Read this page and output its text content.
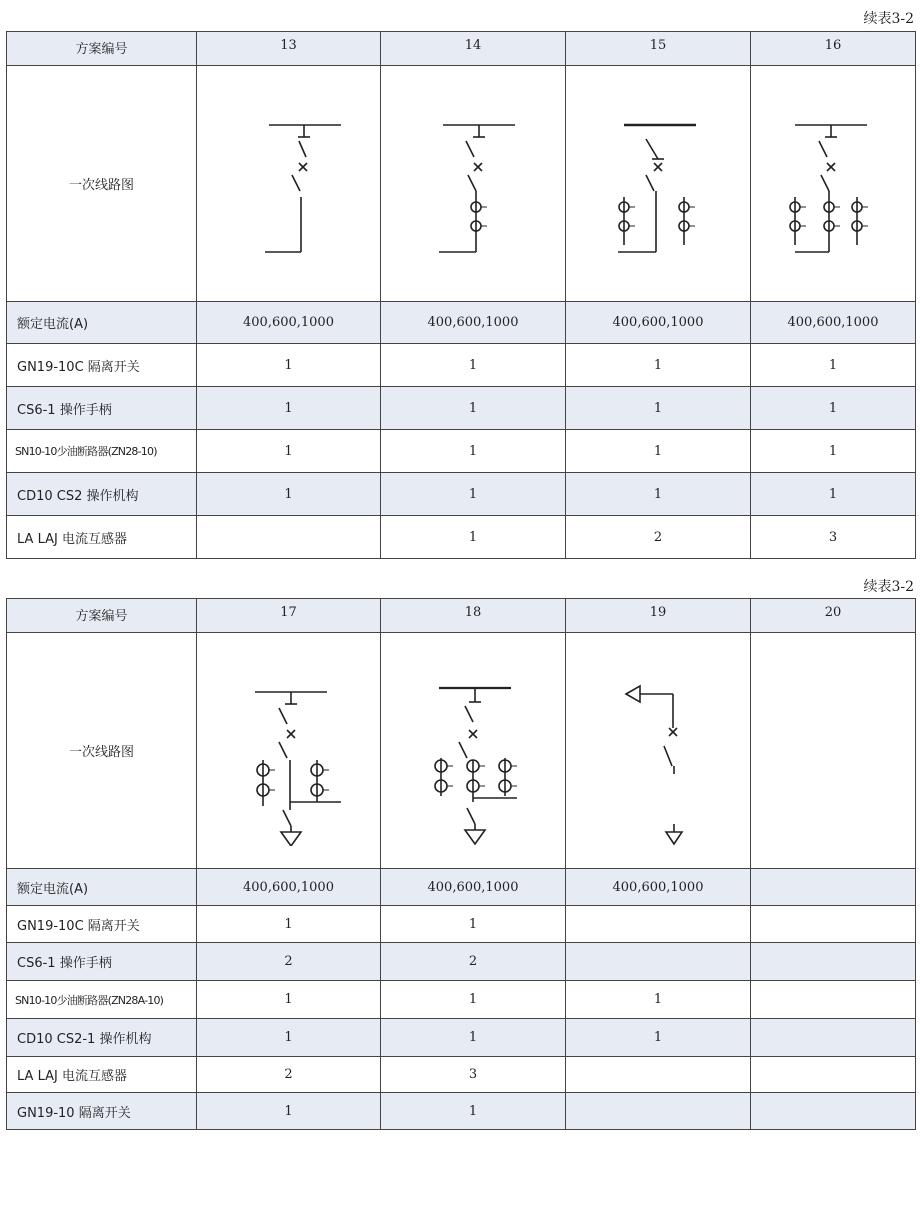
续表3-2
方案编号	13	14	15	16
一次线路图	

额定电流(A)	400,600,1000	400,600,1000	400,600,1000	400,600,1000
GN19-10C 隔离开关	1	1	1	1
CS6-1 操作手柄	1	1	1	1
SN10-10少油断路器(ZN28-10)	1	1	1	1
CD10 CS2 操作机构	1	1	1	1
LA LAJ 电流互感器		1	2	3
续表3-2
方案编号	17	18	19	20
一次线路图	

额定电流(A)	400,600,1000	400,600,1000	400,600,1000	
GN19-10C 隔离开关	1	1		
CS6-1 操作手柄	2	2		
SN10-10少油断路器(ZN28A-10)	1	1	1	
CD10 CS2-1 操作机构	1	1	1	
LA LAJ 电流互感器	2	3		
GN19-10 隔离开关	1	1		
